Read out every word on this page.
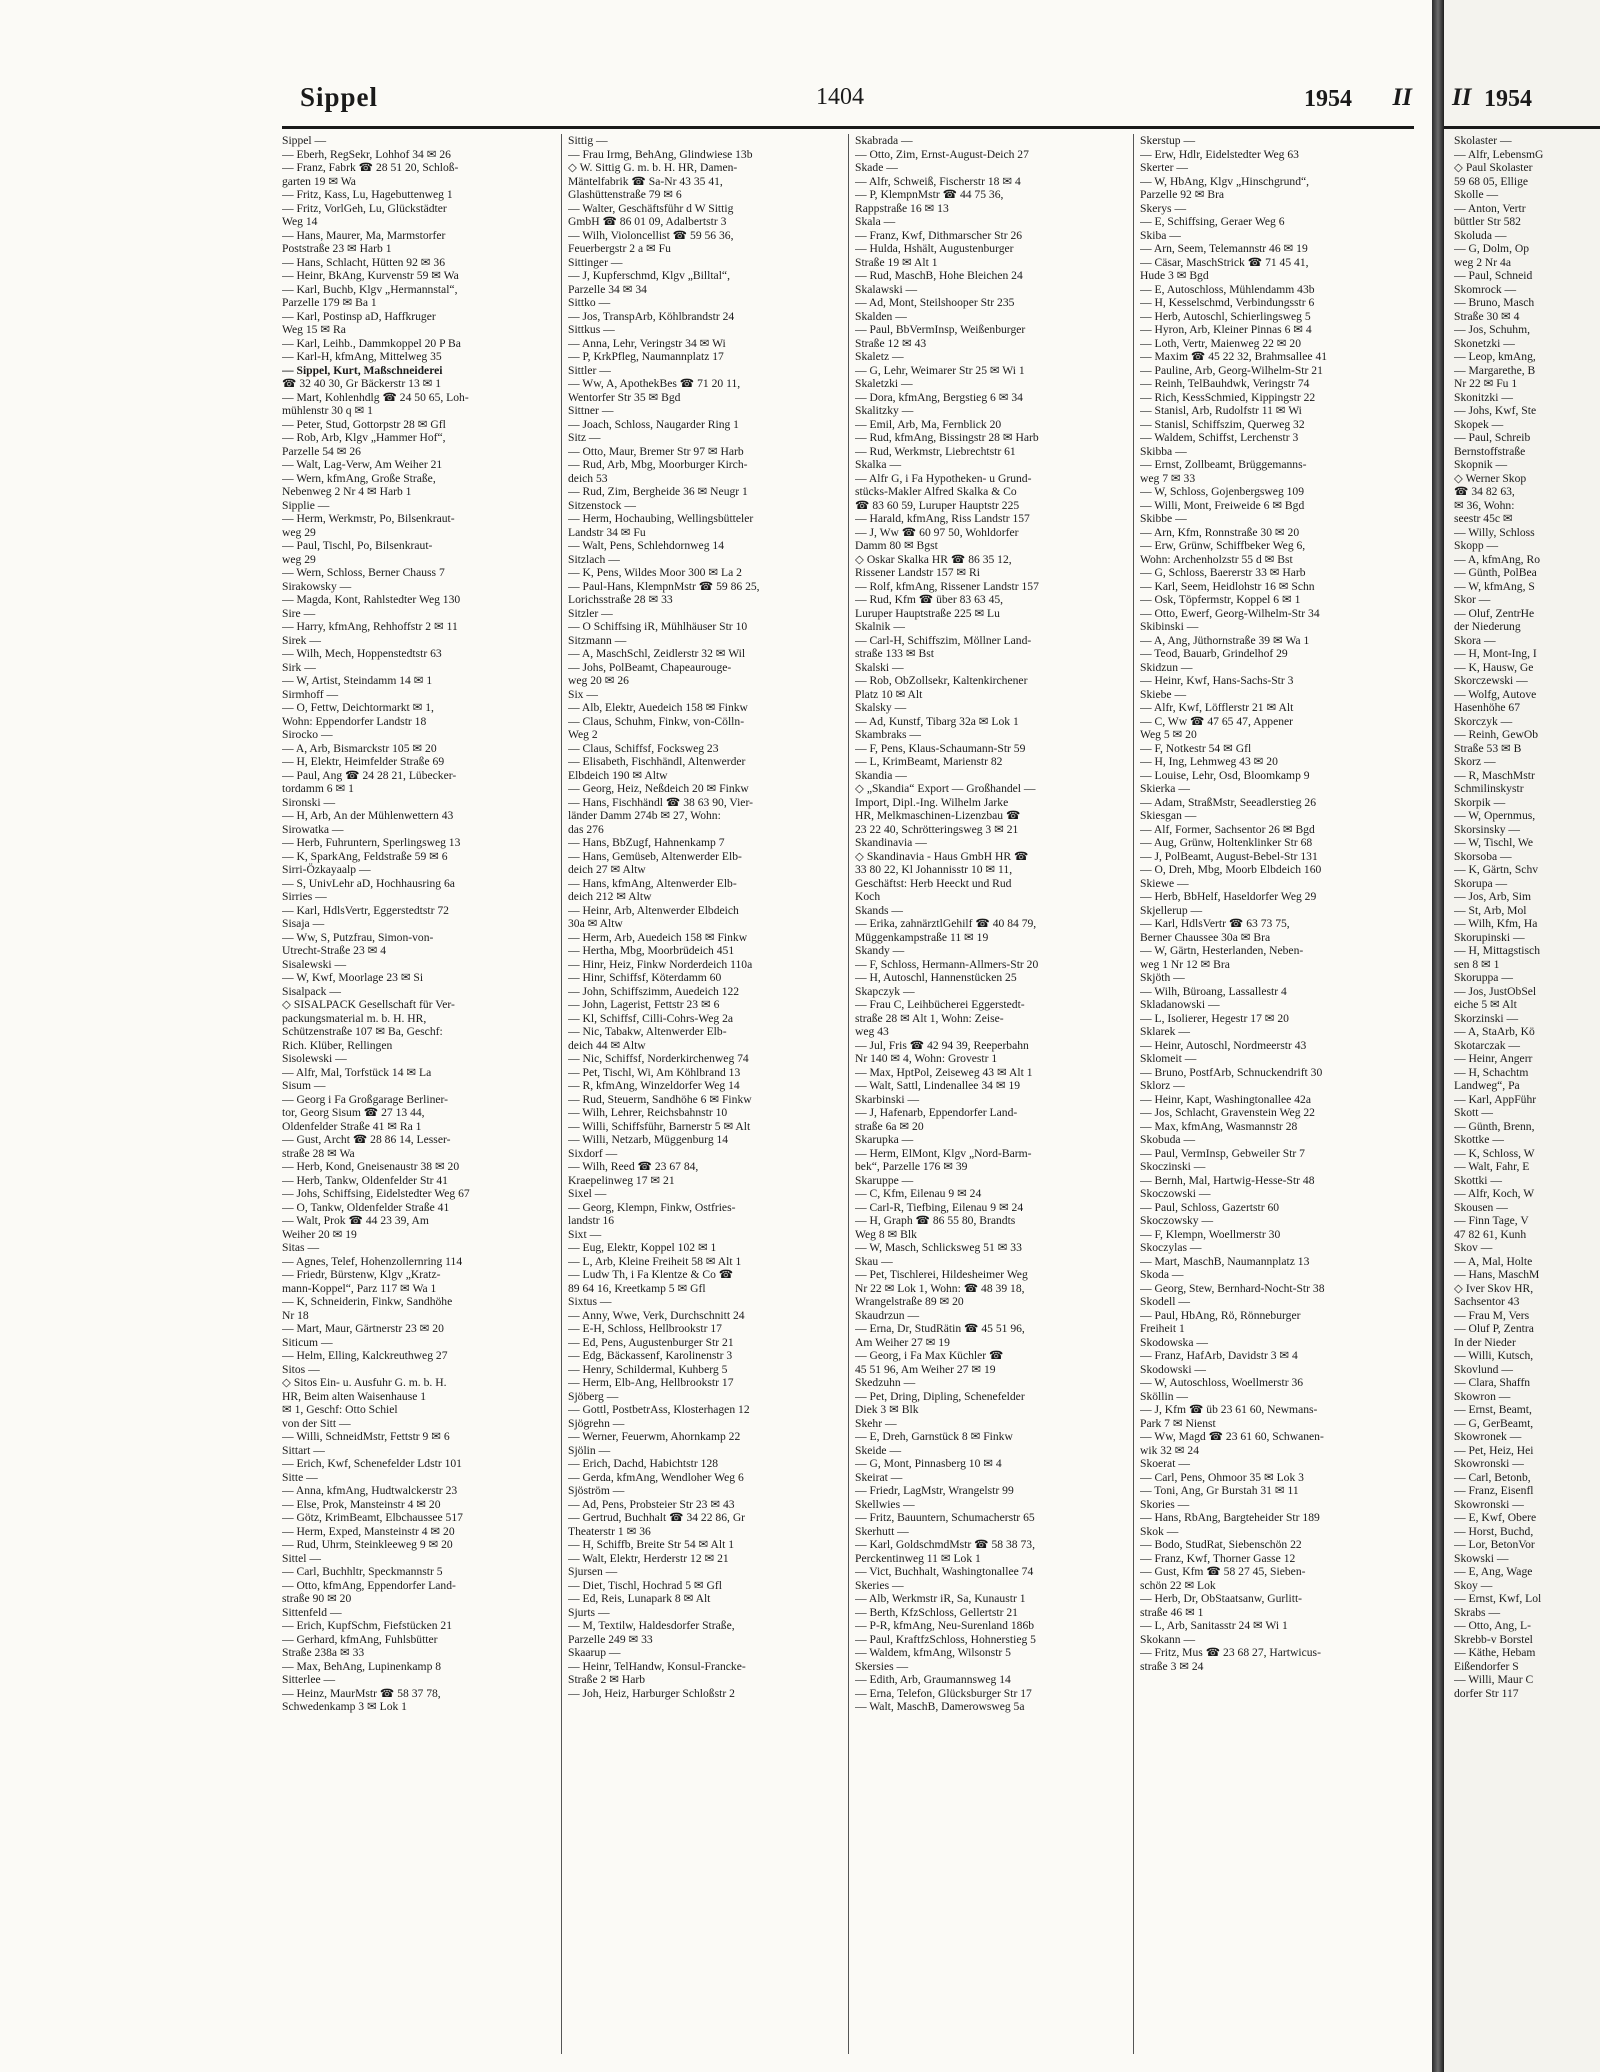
Sippel	1404	1954 II
Sippel —
— Eberh, RegSekr, Lohhof 34 ✉ 26
— Franz, Fabrk ☎ 28 51 20, Schloß-
garten 19 ✉ Wa
— Fritz, Kass, Lu, Hagebuttenweg 1
— Fritz, VorlGeh, Lu, Glückstädter
Weg 14
— Hans, Maurer, Ma, Marmstorfer
Poststraße 23 ✉ Harb 1
— Hans, Schlacht, Hütten 92 ✉ 36
— Heinr, BkAng, Kurvenstr 59 ✉ Wa
— Karl, Buchb, Klgv „Hermannstal“,
Parzelle 179 ✉ Ba 1
— Karl, Postinsp aD, Haffkruger
Weg 15 ✉ Ra
— Karl, Leihb., Dammkoppel 20 P Ba
— Karl-H, kfmAng, Mittelweg 35
— Sippel, Kurt, Maßschneiderei
☎ 32 40 30, Gr Bäckerstr 13 ✉ 1
— Mart, Kohlenhdlg ☎ 24 50 65, Loh-
mühlenstr 30 q ✉ 1
— Peter, Stud, Gottorpstr 28 ✉ Gfl
— Rob, Arb, Klgv „Hammer Hof“,
Parzelle 54 ✉ 26
— Walt, Lag-Verw, Am Weiher 21
— Wern, kfmAng, Große Straße,
Nebenweg 2 Nr 4 ✉ Harb 1
Sipplie —
— Herm, Werkmstr, Po, Bilsenkraut-
weg 29
— Paul, Tischl, Po, Bilsenkraut-
weg 29
— Wern, Schloss, Berner Chauss 7
Sirakowsky —
— Magda, Kont, Rahlstedter Weg 130
Sire —
— Harry, kfmAng, Rehhoffstr 2 ✉ 11
Sirek —
— Wilh, Mech, Hoppenstedtstr 63
Sirk —
— W, Artist, Steindamm 14 ✉ 1
Sirmhoff —
— O, Fettw, Deichtormarkt ✉ 1,
Wohn: Eppendorfer Landstr 18
Sirocko —
— A, Arb, Bismarckstr 105 ✉ 20
— H, Elektr, Heimfelder Straße 69
— Paul, Ang ☎ 24 28 21, Lübecker-
tordamm 6 ✉ 1
Sironski —
— H, Arb, An der Mühlenwettern 43
Sirowatka —
— Herb, Fuhruntern, Sperlingsweg 13
— K, SparkAng, Feldstraße 59 ✉ 6
Sirri-Özkayaalp —
— S, UnivLehr aD, Hochhausring 6a
Sirries —
— Karl, HdlsVertr, Eggerstedtstr 72
Sisaja —
— Ww, S, Putzfrau, Simon-von-
Utrecht-Straße 23 ✉ 4
Sisalewski —
— W, Kwf, Moorlage 23 ✉ Si
Sisalpack —
◇ SISALPACK Gesellschaft für Ver-
packungsmaterial m. b. H. HR,
Schützenstraße 107 ✉ Ba, Geschf:
Rich. Klüber, Rellingen
Sisolewski —
— Alfr, Mal, Torfstück 14 ✉ La
Sisum —
— Georg i Fa Großgarage Berliner-
tor, Georg Sisum ☎ 27 13 44,
Oldenfelder Straße 41 ✉ Ra 1
— Gust, Archt ☎ 28 86 14, Lesser-
straße 28 ✉ Wa
— Herb, Kond, Gneisenaustr 38 ✉ 20
— Herb, Tankw, Oldenfelder Str 41
— Johs, Schiffsing, Eidelstedter Weg 67
— O, Tankw, Oldenfelder Straße 41
— Walt, Prok ☎ 44 23 39, Am
Weiher 20 ✉ 19
Sitas —
— Agnes, Telef, Hohenzollernring 114
— Friedr, Bürstenw, Klgv „Kratz-
mann-Koppel“, Parz 117 ✉ Wa 1
— K, Schneiderin, Finkw, Sandhöhe
Nr 18
— Mart, Maur, Gärtnerstr 23 ✉ 20
Siticum —
— Helm, Elling, Kalckreuthweg 27
Sitos —
◇ Sitos Ein- u. Ausfuhr G. m. b. H.
HR, Beim alten Waisenhause 1
✉ 1, Geschf: Otto Schiel
von der Sitt —
— Willi, SchneidMstr, Fettstr 9 ✉ 6
Sittart —
— Erich, Kwf, Schenefelder Ldstr 101
Sitte —
— Anna, kfmAng, Hudtwalckerstr 23
— Else, Prok, Mansteinstr 4 ✉ 20
— Götz, KrimBeamt, Elbchaussee 517
— Herm, Exped, Mansteinstr 4 ✉ 20
— Rud, Uhrm, Steinkleeweg 9 ✉ 20
Sittel —
— Carl, Buchhltr, Speckmannstr 5
— Otto, kfmAng, Eppendorfer Land-
straße 90 ✉ 20
Sittenfeld —
— Erich, KupfSchm, Fiefstücken 21
— Gerhard, kfmAng, Fuhlsbütter
Straße 238a ✉ 33
— Max, BehAng, Lupinenkamp 8
Sitterlee —
— Heinz, MaurMstr ☎ 58 37 78,
Schwedenkamp 3 ✉ Lok 1
Sittig —
— Frau Irmg, BehAng, Glindwiese 13b
◇ W. Sittig G. m. b. H. HR, Damen-
Mäntelfabrik ☎ Sa-Nr 43 35 41,
Glashüttenstraße 79 ✉ 6
— Walter, Geschäftsführ d W Sittig
GmbH ☎ 86 01 09, Adalbertstr 3
— Wilh, Violoncellist ☎ 59 56 36,
Feuerbergstr 2 a ✉ Fu
Sittinger —
— J, Kupferschmd, Klgv „Billtal“,
Parzelle 34 ✉ 34
Sittko —
— Jos, TranspArb, Köhlbrandstr 24
Sittkus —
— Anna, Lehr, Veringstr 34 ✉ Wi
— P, KrkPfleg, Naumannplatz 17
Sittler —
— Ww, A, ApothekBes ☎ 71 20 11,
Wentorfer Str 35 ✉ Bgd
Sittner —
— Joach, Schloss, Naugarder Ring 1
Sitz —
— Otto, Maur, Bremer Str 97 ✉ Harb
— Rud, Arb, Mbg, Moorburger Kirch-
deich 53
— Rud, Zim, Bergheide 36 ✉ Neugr 1
Sitzenstock —
— Herm, Hochaubing, Wellingsbütteler
Landstr 34 ✉ Fu
— Walt, Pens, Schlehdornweg 14
Sitzlach —
— K, Pens, Wildes Moor 300 ✉ La 2
— Paul-Hans, KlempnMstr ☎ 59 86 25,
Lorichsstraße 28 ✉ 33
Sitzler —
— O Schiffsing iR, Mühlhäuser Str 10
Sitzmann —
— A, MaschSchl, Zeidlerstr 32 ✉ Wil
— Johs, PolBeamt, Chapeaurouge-
weg 20 ✉ 26
Six —
— Alb, Elektr, Auedeich 158 ✉ Finkw
— Claus, Schuhm, Finkw, von-Cölln-
Weg 2
— Claus, Schiffsf, Focksweg 23
— Elisabeth, Fischhändl, Altenwerder
Elbdeich 190 ✉ Altw
— Georg, Heiz, Neßdeich 20 ✉ Finkw
— Hans, Fischhändl ☎ 38 63 90, Vier-
länder Damm 274b ✉ 27, Wohn:
das 276
— Hans, BbZugf, Hahnenkamp 7
— Hans, Gemüseb, Altenwerder Elb-
deich 27 ✉ Altw
— Hans, kfmAng, Altenwerder Elb-
deich 212 ✉ Altw
— Heinr, Arb, Altenwerder Elbdeich
30a ✉ Altw
— Herm, Arb, Auedeich 158 ✉ Finkw
— Hertha, Mbg, Moorbrüdeich 451
— Hinr, Heiz, Finkw Norderdeich 110a
— Hinr, Schiffsf, Köterdamm 60
— John, Schiffszimm, Auedeich 122
— John, Lagerist, Fettstr 23 ✉ 6
— Kl, Schiffsf, Cilli-Cohrs-Weg 2a
— Nic, Tabakw, Altenwerder Elb-
deich 44 ✉ Altw
— Nic, Schiffsf, Norderkirchenweg 74
— Pet, Tischl, Wi, Am Köhlbrand 13
— R, kfmAng, Winzeldorfer Weg 14
— Rud, Steuerm, Sandhöhe 6 ✉ Finkw
— Wilh, Lehrer, Reichsbahnstr 10
— Willi, Schiffsführ, Barnerstr 5 ✉ Alt
— Willi, Netzarb, Müggenburg 14
Sixdorf —
— Wilh, Reed ☎ 23 67 84,
Kraepelinweg 17 ✉ 21
Sixel —
— Georg, Klempn, Finkw, Ostfries-
landstr 16
Sixt —
— Eug, Elektr, Koppel 102 ✉ 1
— L, Arb, Kleine Freiheit 58 ✉ Alt 1
— Ludw Th, i Fa Klentze & Co ☎
89 64 16, Kreetkamp 5 ✉ Gfl
Sixtus —
— Anny, Wwe, Verk, Durchschnitt 24
— E-H, Schloss, Hellbrookstr 17
— Ed, Pens, Augustenburger Str 21
— Edg, Bäckassenf, Karolinenstr 3
— Henry, Schildermal, Kuhberg 5
— Herm, Elb-Ang, Hellbrookstr 17
Sjöberg —
— Gottl, PostbetrAss, Klosterhagen 12
Sjögrehn —
— Werner, Feuerwm, Ahornkamp 22
Sjölin —
— Erich, Dachd, Habichtstr 128
— Gerda, kfmAng, Wendloher Weg 6
Sjöström —
— Ad, Pens, Probsteier Str 23 ✉ 43
— Gertrud, Buchhalt ☎ 34 22 86, Gr
Theaterstr 1 ✉ 36
— H, Schiffb, Breite Str 54 ✉ Alt 1
— Walt, Elektr, Herderstr 12 ✉ 21
Sjursen —
— Diet, Tischl, Hochrad 5 ✉ Gfl
— Ed, Reis, Lunapark 8 ✉ Alt
Sjurts —
— M, Textilw, Haldesdorfer Straße,
Parzelle 249 ✉ 33
Skaarup —
— Heinr, TelHandw, Konsul-Francke-
Straße 2 ✉ Harb
— Joh, Heiz, Harburger Schloßstr 2
Skabrada —
— Otto, Zim, Ernst-August-Deich 27
Skade —
— Alfr, Schweiß, Fischerstr 18 ✉ 4
— P, KlempnMstr ☎ 44 75 36,
Rappstraße 16 ✉ 13
Skala —
— Franz, Kwf, Dithmarscher Str 26
— Hulda, Hshält, Augustenburger
Straße 19 ✉ Alt 1
— Rud, MaschB, Hohe Bleichen 24
Skalawski —
— Ad, Mont, Steilshooper Str 235
Skalden —
— Paul, BbVermInsp, Weißenburger
Straße 12 ✉ 43
Skaletz —
— G, Lehr, Weimarer Str 25 ✉ Wi 1
Skaletzki —
— Dora, kfmAng, Bergstieg 6 ✉ 34
Skalitzky —
— Emil, Arb, Ma, Fernblick 20
— Rud, kfmAng, Bissingstr 28 ✉ Harb
— Rud, Werkmstr, Liebrechtstr 61
Skalka —
— Alfr G, i Fa Hypotheken- u Grund-
stücks-Makler Alfred Skalka & Co
☎ 83 60 59, Luruper Hauptstr 225
— Harald, kfmAng, Riss Landstr 157
— J, Ww ☎ 60 97 50, Wohldorfer
Damm 80 ✉ Bgst
◇ Oskar Skalka HR ☎ 86 35 12,
Rissener Landstr 157 ✉ Ri
— Rolf, kfmAng, Rissener Landstr 157
— Rud, Kfm ☎ über 83 63 45,
Luruper Hauptstraße 225 ✉ Lu
Skalnik —
— Carl-H, Schiffszim, Möllner Land-
straße 133 ✉ Bst
Skalski —
— Rob, ObZollsekr, Kaltenkirchener
Platz 10 ✉ Alt
Skalsky —
— Ad, Kunstf, Tibarg 32a ✉ Lok 1
Skambraks —
— F, Pens, Klaus-Schaumann-Str 59
— L, KrimBeamt, Marienstr 82
Skandia —
◇ „Skandia“ Export — Großhandel —
Import, Dipl.-Ing. Wilhelm Jarke
HR, Melkmaschinen-Lizenzbau ☎
23 22 40, Schrötteringsweg 3 ✉ 21
Skandinavia —
◇ Skandinavia - Haus GmbH HR ☎
33 80 22, Kl Johannisstr 10 ✉ 11,
Geschäftst: Herb Heeckt und Rud
Koch
Skands —
— Erika, zahnärztlGehilf ☎ 40 84 79,
Müggenkampstraße 11 ✉ 19
Skandy —
— F, Schloss, Hermann-Allmers-Str 20
— H, Autoschl, Hannenstücken 25
Skapczyk —
— Frau C, Leihbücherei Eggerstedt-
straße 28 ✉ Alt 1, Wohn: Zeise-
weg 43
— Jul, Fris ☎ 42 94 39, Reeperbahn
Nr 140 ✉ 4, Wohn: Grovestr 1
— Max, HptPol, Zeiseweg 43 ✉ Alt 1
— Walt, Sattl, Lindenallee 34 ✉ 19
Skarbinski —
— J, Hafenarb, Eppendorfer Land-
straße 6a ✉ 20
Skarupka —
— Herm, ElMont, Klgv „Nord-Barm-
bek“, Parzelle 176 ✉ 39
Skaruppe —
— C, Kfm, Eilenau 9 ✉ 24
— Carl-R, Tiefbing, Eilenau 9 ✉ 24
— H, Graph ☎ 86 55 80, Brandts
Weg 8 ✉ Blk
— W, Masch, Schlicksweg 51 ✉ 33
Skau —
— Pet, Tischlerei, Hildesheimer Weg
Nr 22 ✉ Lok 1, Wohn: ☎ 48 39 18,
Wrangelstraße 89 ✉ 20
Skaudrzun —
— Erna, Dr, StudRätin ☎ 45 51 96,
Am Weiher 27 ✉ 19
— Georg, i Fa Max Küchler ☎
45 51 96, Am Weiher 27 ✉ 19
Skedzuhn —
— Pet, Dring, Dipling, Schenefelder
Diek 3 ✉ Blk
Skehr —
— E, Dreh, Garnstück 8 ✉ Finkw
Skeide —
— G, Mont, Pinnasberg 10 ✉ 4
Skeirat —
— Friedr, LagMstr, Wrangelstr 99
Skellwies —
— Fritz, Bauuntern, Schumacherstr 65
Skerhutt —
— Karl, GoldschmdMstr ☎ 58 38 73,
Perckentinweg 11 ✉ Lok 1
— Vict, Buchhalt, Washingtonallee 74
Skeries —
— Alb, Werkmstr iR, Sa, Kunaustr 1
— Berth, KfzSchloss, Gellertstr 21
— P-R, kfmAng, Neu-Surenland 186b
— Paul, KraftfzSchloss, Hohnerstieg 5
— Waldem, kfmAng, Wilsonstr 5
Skersies —
— Edith, Arb, Graumannsweg 14
— Erna, Telefon, Glücksburger Str 17
— Walt, MaschB, Damerowsweg 5a
Skerstup —
— Erw, Hdlr, Eidelstedter Weg 63
Skerter —
— W, HbAng, Klgv „Hinschgrund“,
Parzelle 92 ✉ Bra
Skerys —
— E, Schiffsing, Geraer Weg 6
Skiba —
— Arn, Seem, Telemannstr 46 ✉ 19
— Cäsar, MaschStrick ☎ 71 45 41,
Hude 3 ✉ Bgd
— E, Autoschloss, Mühlendamm 43b
— H, Kesselschmd, Verbindungsstr 6
— Herb, Autoschl, Schierlingsweg 5
— Hyron, Arb, Kleiner Pinnas 6 ✉ 4
— Loth, Vertr, Maienweg 22 ✉ 20
— Maxim ☎ 45 22 32, Brahmsallee 41
— Pauline, Arb, Georg-Wilhelm-Str 21
— Reinh, TelBauhdwk, Veringstr 74
— Rich, KessSchmied, Kippingstr 22
— Stanisl, Arb, Rudolfstr 11 ✉ Wi
— Stanisl, Schiffszim, Querweg 32
— Waldem, Schiffst, Lerchenstr 3
Skibba —
— Ernst, Zollbeamt, Brüggemanns-
weg 7 ✉ 33
— W, Schloss, Gojenbergsweg 109
— Willi, Mont, Freiweide 6 ✉ Bgd
Skibbe —
— Arn, Kfm, Ronnstraße 30 ✉ 20
— Erw, Grünw, Schiffbeker Weg 6,
Wohn: Archenholzstr 55 d ✉ Bst
— G, Schloss, Baererstr 33 ✉ Harb
— Karl, Seem, Heidlohstr 16 ✉ Schn
— Osk, Töpfermstr, Koppel 6 ✉ 1
— Otto, Ewerf, Georg-Wilhelm-Str 34
Skibinski —
— A, Ang, Jüthornstraße 39 ✉ Wa 1
— Teod, Bauarb, Grindelhof 29
Skidzun —
— Heinr, Kwf, Hans-Sachs-Str 3
Skiebe —
— Alfr, Kwf, Löfflerstr 21 ✉ Alt
— C, Ww ☎ 47 65 47, Appener
Weg 5 ✉ 20
— F, Notkestr 54 ✉ Gfl
— H, Ing, Lehmweg 43 ✉ 20
— Louise, Lehr, Osd, Bloomkamp 9
Skierka —
— Adam, StraßMstr, Seeadlerstieg 26
Skiesgan —
— Alf, Former, Sachsentor 26 ✉ Bgd
— Aug, Grünw, Holtenklinker Str 68
— J, PolBeamt, August-Bebel-Str 131
— O, Dreh, Mbg, Moorb Elbdeich 160
Skiewe —
— Herb, BbHelf, Haseldorfer Weg 29
Skjellerup —
— Karl, HdlsVertr ☎ 63 73 75,
Berner Chaussee 30a ✉ Bra
— W, Gärtn, Hesterlanden, Neben-
weg 1 Nr 12 ✉ Bra
Skjöth —
— Wilh, Büroang, Lassallestr 4
Skladanowski —
— L, Isolierer, Hegestr 17 ✉ 20
Sklarek —
— Heinr, Autoschl, Nordmeerstr 43
Sklomeit —
— Bruno, PostfArb, Schnuckendrift 30
Sklorz —
— Heinr, Kapt, Washingtonallee 42a
— Jos, Schlacht, Gravenstein Weg 22
— Max, kfmAng, Wasmannstr 28
Skobuda —
— Paul, VermInsp, Gebweiler Str 7
Skoczinski —
— Bernh, Mal, Hartwig-Hesse-Str 48
Skoczowski —
— Paul, Schloss, Gazertstr 60
Skoczowsky —
— F, Klempn, Woellmerstr 30
Skoczylas —
— Mart, MaschB, Naumannplatz 13
Skoda —
— Georg, Stew, Bernhard-Nocht-Str 38
Skodell —
— Paul, HbAng, Rö, Rönneburger
Freiheit 1
Skodowska —
— Franz, HafArb, Davidstr 3 ✉ 4
Skodowski —
— W, Autoschloss, Woellmerstr 36
Sköllin —
— J, Kfm ☎ üb 23 61 60, Newmans-
Park 7 ✉ Nienst
— Ww, Magd ☎ 23 61 60, Schwanen-
wik 32 ✉ 24
Skoerat —
— Carl, Pens, Ohmoor 35 ✉ Lok 3
— Toni, Ang, Gr Burstah 31 ✉ 11
Skories —
— Hans, RbAng, Bargteheider Str 189
Skok —
— Bodo, StudRat, Siebenschön 22
— Franz, Kwf, Thorner Gasse 12
— Gust, Kfm ☎ 58 27 45, Sieben-
schön 22 ✉ Lok
— Herb, Dr, ObStaatsanw, Gurlitt-
straße 46 ✉ 1
— L, Arb, Sanitasstr 24 ✉ Wi 1
Skokann —
— Fritz, Mus ☎ 23 68 27, Hartwicus-
straße 3 ✉ 24
II 1954
Skolaster —
— Alfr, LebensmG
◇ Paul Skolaster
59 68 05, Ellige
Skolle —
— Anton, Vertr
büttler Str 582
Skoluda —
— G, Dolm, Op
weg 2 Nr 4a
— Paul, Schneid
Skomrock —
— Bruno, Masch
Straße 30 ✉ 4
— Jos, Schuhm,
Skonetzki —
— Leop, kmAng,
— Margarethe, B
Nr 22 ✉ Fu 1
Skonitzki —
— Johs, Kwf, Ste
Skopek —
— Paul, Schreib
Bernstoffstraße
Skopnik —
◇ Werner Skop
☎ 34 82 63,
✉ 36, Wohn:
seestr 45c ✉
— Willy, Schloss
Skopp —
— A, kfmAng, Ro
— Günth, PolBea
— W, kfmAng, S
Skor —
— Oluf, ZentrHe
der Niederung
Skora —
— H, Mont-Ing, I
— K, Hausw, Ge
Skorczewski —
— Wolfg, Autove
Hasenhöhe 67
Skorczyk —
— Reinh, GewOb
Straße 53 ✉ B
Skorz —
— R, MaschMstr
Schmilinskystr
Skorpik —
— W, Opernmus,
Skorsinsky —
— W, Tischl, We
Skorsoba —
— K, Gärtn, Schv
Skorupa —
— Jos, Arb, Sim
— St, Arb, Mol
— Wilh, Kfm, Ha
Skorupinski —
— H, Mittagstisch
sen 8 ✉ 1
Skoruppa —
— Jos, JustObSel
eiche 5 ✉ Alt
Skorzinski —
— A, StaArb, Kö
Skotarczak —
— Heinr, Angerr
— H, Schachtm
Landweg“, Pa
— Karl, AppFühr
Skott —
— Günth, Brenn,
Skottke —
— K, Schloss, W
— Walt, Fahr, E
Skottki —
— Alfr, Koch, W
Skousen —
— Finn Tage, V
47 82 61, Kunh
Skov —
— A, Mal, Holte
— Hans, MaschM
◇ Iver Skov HR,
Sachsentor 43
— Frau M, Vers
— Oluf P, Zentra
In der Nieder
— Willi, Kutsch,
Skovlund —
— Clara, Shaffn
Skowron —
— Ernst, Beamt,
— G, GerBeamt,
Skowronek —
— Pet, Heiz, Hei
Skowronski —
— Carl, Betonb,
— Franz, Eisenfl
Skowronski —
— E, Kwf, Obere
— Horst, Buchd,
— Lor, BetonVor
Skowski —
— E, Ang, Wage
Skoy —
— Ernst, Kwf, Lol
Skrabs —
— Otto, Ang, L-
Skrebb-v Borstel
— Käthe, Hebam
Eißendorfer S
— Willi, Maur C
dorfer Str 117
